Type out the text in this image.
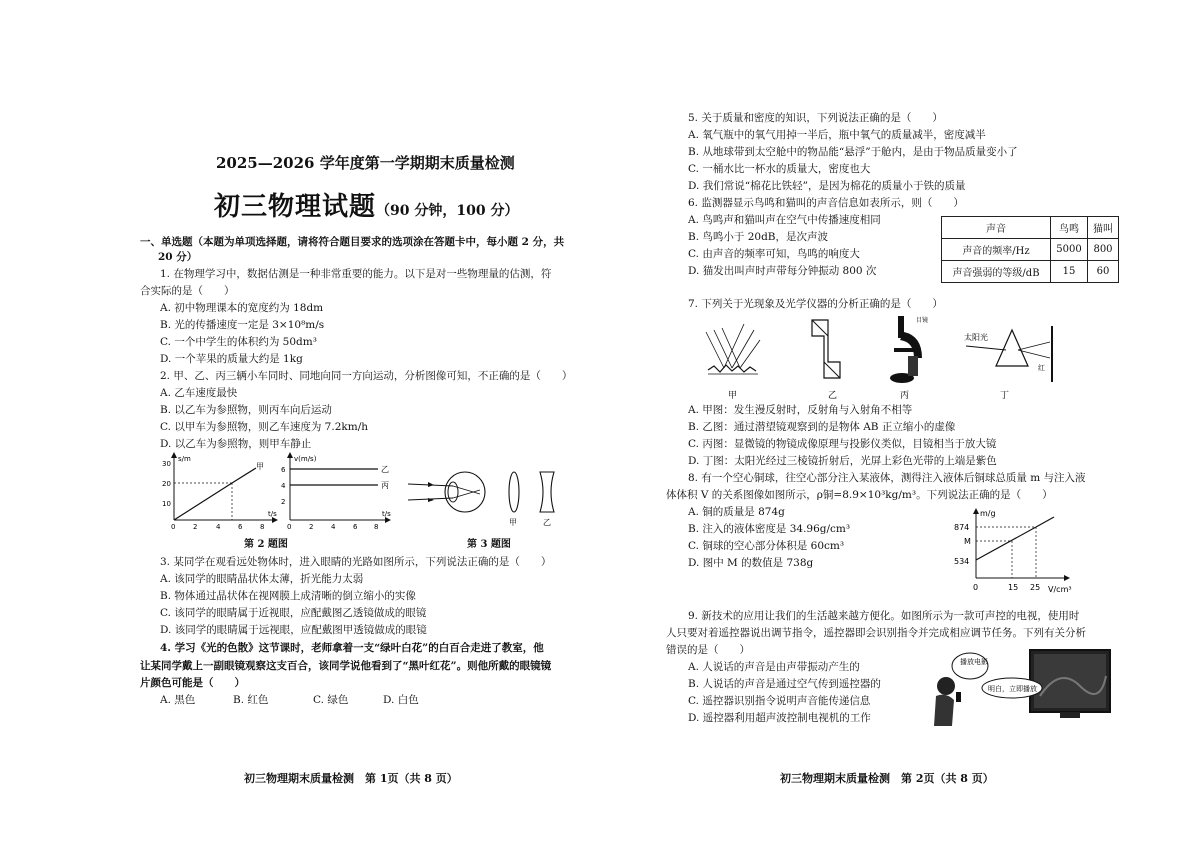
2025—2026 学年度第一学期期末质量检测
初三物理试题（90 分钟，100 分）
一、单选题（本题为单项选择题，请将符合题目要求的选项涂在答题卡中，每小题 2 分，共
20 分）
1. 在物理学习中，数据估测是一种非常重要的能力。以下是对一些物理量的估测，符
合实际的是（　　）
A. 初中物理课本的宽度约为 18dm
B. 光的传播速度一定是 3×10⁸m/s
C. 一个中学生的体积约为 50dm³
D. 一个苹果的质量大约是 1kg
2. 甲、乙、丙三辆小车同时、同地向同一方向运动，分析图像可知，不正确的是（　　）
A. 乙车速度最快
B. 以乙车为参照物，则丙车向后运动
C. 以甲车为参照物，则乙车速度为 7.2km/h
D. 以乙车为参照物，则甲车静止
s/m
t/s
30
20
10
0	2	4	6	8
甲
v(m/s)
t/s
6
4
2
0	2	4	6 8
乙
丙
甲	乙
第 2 题图	第 3 题图
3. 某同学在观看远处物体时，进入眼睛的光路如图所示，下列说法正确的是（　　）
A. 该同学的眼睛晶状体太薄，折光能力太弱
B. 物体通过晶状体在视网膜上成清晰的倒立缩小的实像
C. 该同学的眼睛属于近视眼，应配戴图乙透镜做成的眼镜
D. 该同学的眼睛属于远视眼，应配戴图甲透镜做成的眼镜
4. 学习《光的色散》这节课时，老师拿着一支“绿叶白花”的白百合走进了教室，他
让某同学戴上一副眼镜观察这支百合，该同学说他看到了“黑叶红花”。则他所戴的眼镜镜
片颜色可能是（　　）
A. 黑色	B. 红色	C. 绿色	D. 白色
初三物理期末质量检测　第 1页（共 8 页）
5. 关于质量和密度的知识，下列说法正确的是（　　）
A. 氧气瓶中的氧气用掉一半后，瓶中氧气的质量减半，密度减半
B. 从地球带到太空舱中的物品能“悬浮”于舱内，是由于物品质量变小了
C. 一桶水比一杯水的质量大，密度也大
D. 我们常说“棉花比铁轻”，是因为棉花的质量小于铁的质量
6. 监测器显示鸟鸣和猫叫的声音信息如表所示，则（　　）
A. 鸟鸣声和猫叫声在空气中传播速度相同
B. 鸟鸣小于 20dB，是次声波
C. 由声音的频率可知，鸟鸣的响度大
D. 猫发出叫声时声带每分钟振动 800 次
声音	鸟鸣	猫叫
声音的频率/Hz	5000	800
声音强弱的等级/dB	15	60
7. 下列关于光现象及光学仪器的分析正确的是（　　）
甲	乙
目镜
丙
太阳光
红
丁
A. 甲图：发生漫反射时，反射角与入射角不相等
B. 乙图：通过潜望镜观察到的是物体 AB 正立缩小的虚像
C. 丙图：显微镜的物镜成像原理与投影仪类似，目镜相当于放大镜
D. 丁图：太阳光经过三棱镜折射后，光屏上彩色光带的上端是紫色
8. 有一个空心铜球，往空心部分注入某液体，测得注入液体后铜球总质量 m 与注入液
体体积 V 的关系图像如图所示，ρ铜=8.9×10³kg/m³。下列说法正确的是（　　）
A. 铜的质量是 874g
B. 注入的液体密度是 34.96g/cm³
C. 铜球的空心部分体积是 60cm³
D. 图中 M 的数值是 738g
m/g
V/cm³
874
M
534
0	15 25
9. 新技术的应用让我们的生活越来越方便化。如图所示为一款可声控的电视，使用时
人只要对着遥控器说出调节指令，遥控器即会识别指令并完成相应调节任务。下列有关分析
错误的是（　　）
A. 人说话的声音是由声带振动产生的
B. 人说话的声音是通过空气传到遥控器的
C. 遥控器识别指令说明声音能传递信息
D. 遥控器利用超声波控制电视机的工作
播放电影
明白，立即播放
初三物理期末质量检测　第 2页（共 8 页）
